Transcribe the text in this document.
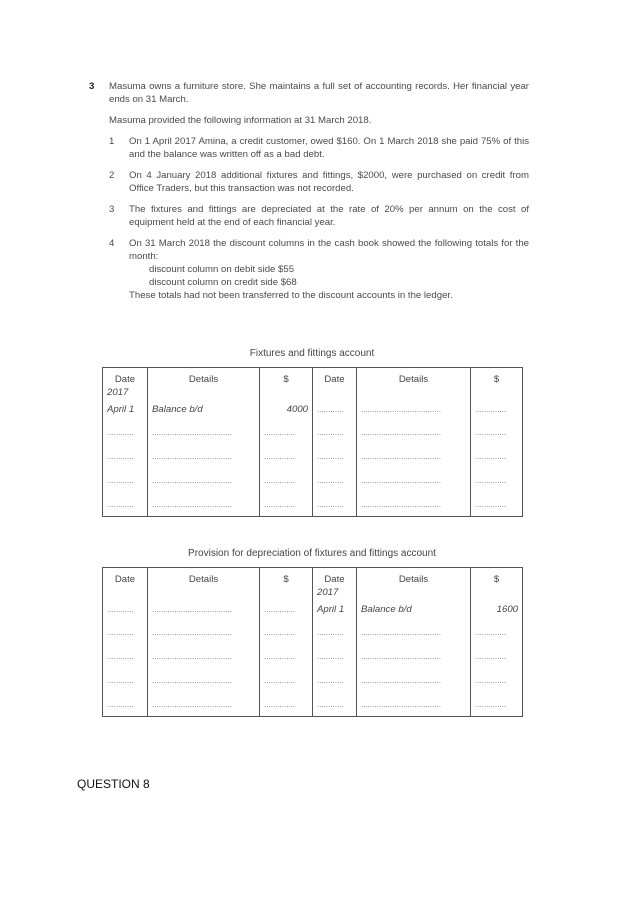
3 Masuma owns a furniture store. She maintains a full set of accounting records. Her financial year ends on 31 March.

Masuma provided the following information at 31 March 2018.

1 On 1 April 2017 Amina, a credit customer, owed $160. On 1 March 2018 she paid 75% of this and the balance was written off as a bad debt.
2 On 4 January 2018 additional fixtures and fittings, $2000, were purchased on credit from Office Traders, but this transaction was not recorded.
3 The fixtures and fittings are depreciated at the rate of 20% per annum on the cost of equipment held at the end of each financial year.
4 On 31 March 2018 the discount columns in the cash book showed the following totals for the month:
discount column on debit side $55
discount column on credit side $68
These totals had not been transferred to the discount accounts in the ledger.
Fixtures and fittings account
Date	Details	$	Date	Details	$
2017					
April 1	Balance b/d	4000	............	....................................	..............
............	....................................	..............	............	....................................	..............
............	....................................	..............	............	....................................	..............
............	....................................	..............	............	....................................	..............
............	....................................	..............	............	....................................	..............
Provision for depreciation of fixtures and fittings account
Date	Details	$	Date	Details	$
			2017		
............	....................................	..............	April 1	Balance b/d	1600
............	....................................	..............	............	....................................	..............
............	....................................	..............	............	....................................	..............
............	....................................	..............	............	....................................	..............
............	....................................	..............	............	....................................	..............
QUESTION 8
